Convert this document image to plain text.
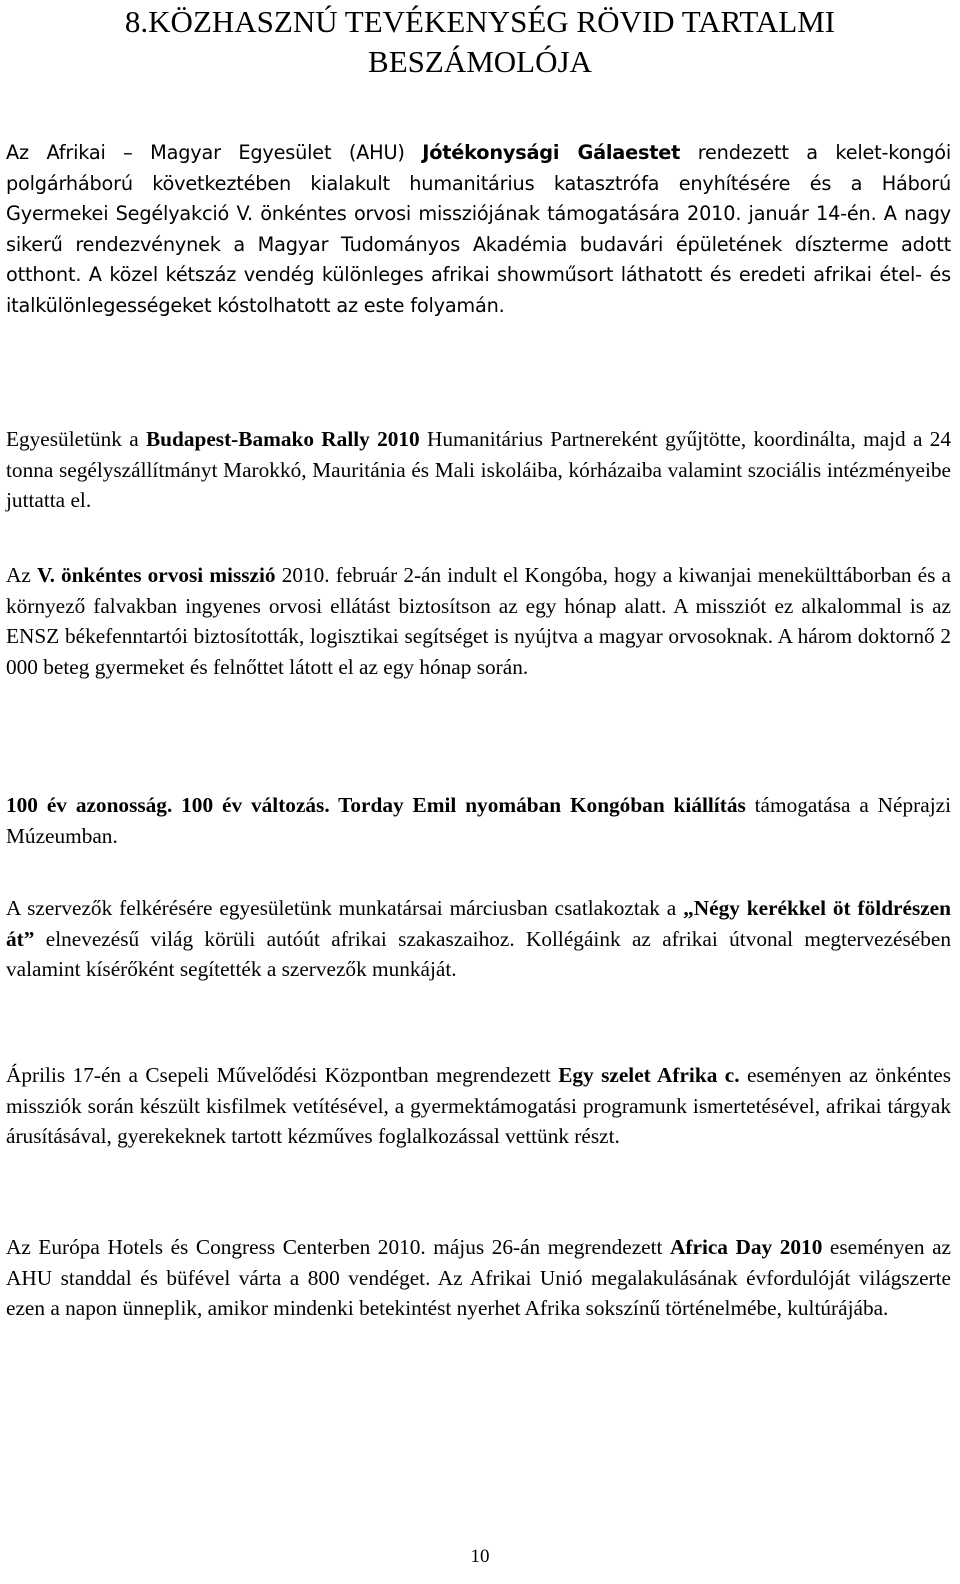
8.KÖZHASZNÚ TEVÉKENYSÉG RÖVID TARTALMI
BESZÁMOLÓJA

Az Afrikai – Magyar Egyesület (AHU) Jótékonysági Gálaestet rendezett a kelet-kongói polgárháború következtében kialakult humanitárius katasztrófa enyhítésére és a Háború Gyermekei Segélyakció V. önkéntes orvosi missziójának támogatására 2010. január 14-én. A nagy sikerű rendezvénynek a Magyar Tudományos Akadémia budavári épületének díszterme adott otthont. A közel kétszáz vendég különleges afrikai showműsort láthatott és eredeti afrikai étel- és italkülönlegességeket kóstolhatott az este folyamán.

Egyesületünk a Budapest-Bamako Rally 2010 Humanitárius Partnereként gyűjtötte, koordinálta, majd a 24 tonna segélyszállítmányt Marokkó, Mauritánia és Mali iskoláiba, kórházaiba valamint szociális intézményeibe juttatta el.

Az V. önkéntes orvosi misszió 2010. február 2-án indult el Kongóba, hogy a kiwanjai menekülttáborban és a környező falvakban ingyenes orvosi ellátást biztosítson az egy hónap alatt. A missziót ez alkalommal is az ENSZ békefenntartói biztosították, logisztikai segítséget is nyújtva a magyar orvosoknak. A három doktornő 2 000 beteg gyermeket és felnőttet látott el az egy hónap során.

100 év azonosság. 100 év változás. Torday Emil nyomában Kongóban kiállítás támogatása a Néprajzi Múzeumban.

A szervezők felkérésére egyesületünk munkatársai márciusban csatlakoztak a „Négy kerékkel öt földrészen át” elnevezésű világ körüli autóút afrikai szakaszaihoz. Kollégáink az afrikai útvonal megtervezésében valamint kísérőként segítették a szervezők munkáját.

Április 17-én a Csepeli Művelődési Központban megrendezett Egy szelet Afrika c. eseményen az önkéntes missziók során készült kisfilmek vetítésével, a gyermektámogatási programunk ismertetésével, afrikai tárgyak árusításával, gyerekeknek tartott kézműves foglalkozással vettünk részt.

Az Európa Hotels és Congress Centerben 2010. május 26-án megrendezett Africa Day 2010 eseményen az AHU standdal és büfével várta a 800 vendéget. Az Afrikai Unió megalakulásának évfordulóját világszerte ezen a napon ünneplik, amikor mindenki betekintést nyerhet Afrika sokszínű történelmébe, kultúrájába.

10
